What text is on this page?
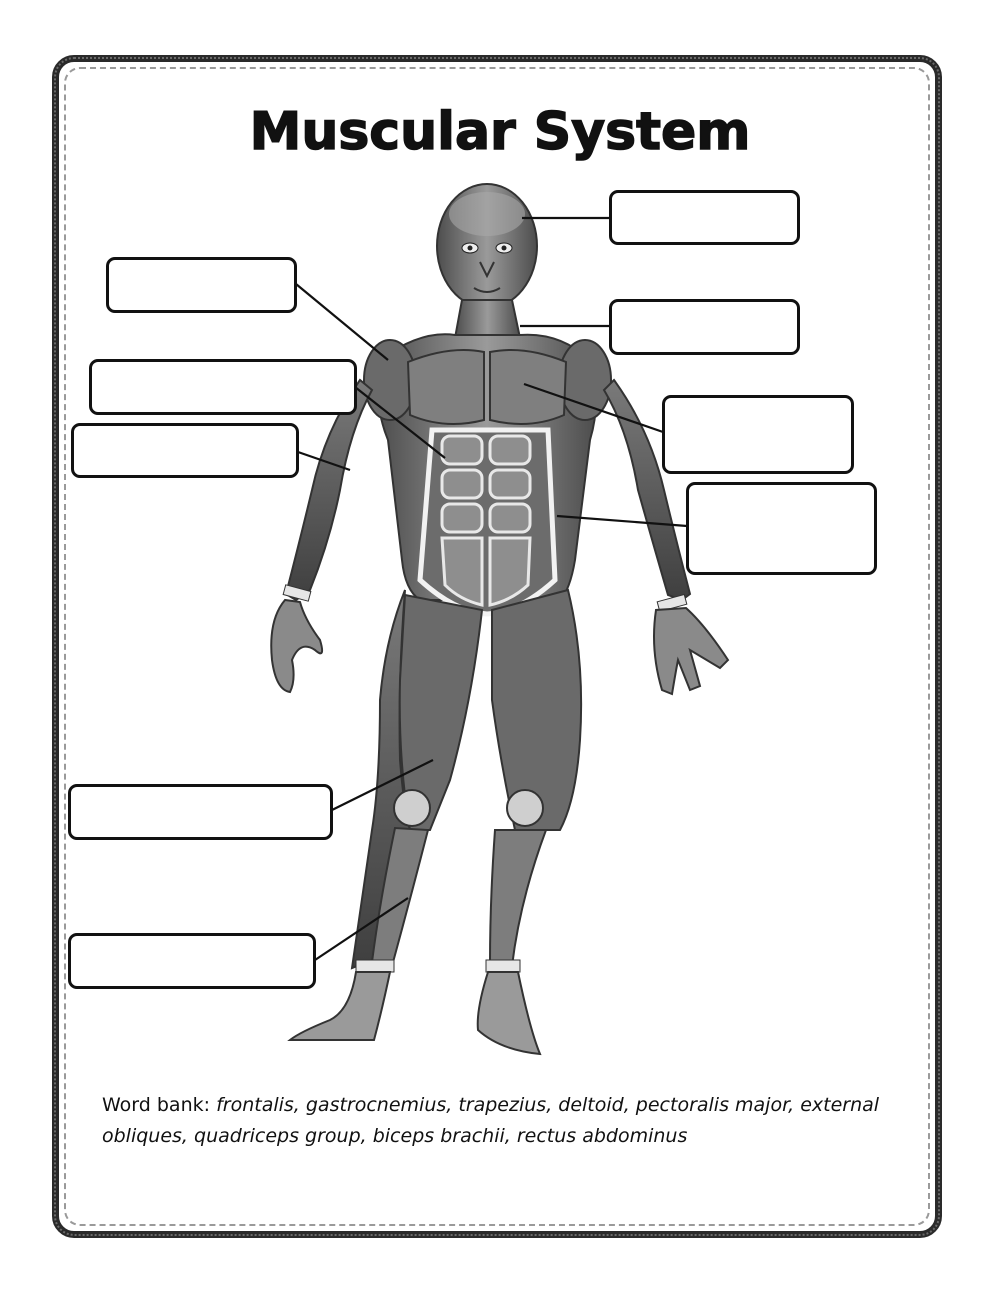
Muscular System
Word bank: frontalis, gastrocnemius, trapezius, deltoid, pectoralis major, external obliques, quadriceps group, biceps brachii, rectus abdominus
